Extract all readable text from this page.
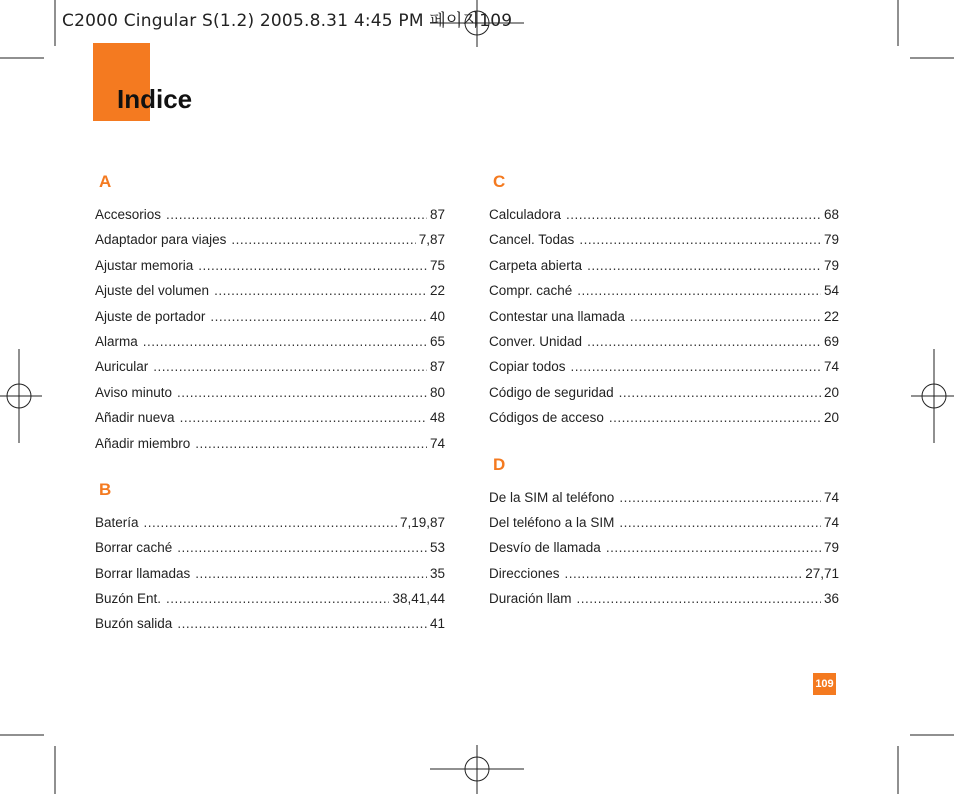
C2000 Cingular S(1.2) 2005.8.31 4:45 PM 페이지109
Indice
A
Accesorios .....	87
Adaptador para viajes .....	7,87
Ajustar memoria .....	75
Ajuste del volumen .....	22
Ajuste de portador .....	40
Alarma .....	65
Auricular .....	87
Aviso minuto .....	80
Añadir nueva .....	48
Añadir miembro .....	74
B
Batería .....	7,19,87
Borrar caché .....	53
Borrar llamadas .....	35
Buzón Ent. .....	38,41,44
Buzón salida .....	41
C
Calculadora .....	68
Cancel. Todas .....	79
Carpeta abierta .....	79
Compr. caché .....	54
Contestar una llamada .....	22
Conver. Unidad .....	69
Copiar todos .....	74
Código de seguridad .....	20
Códigos de acceso .....	20
D
De la SIM al teléfono .....	74
Del teléfono a la SIM .....	74
Desvío de llamada .....	79
Direcciones .....	27,71
Duración llam .....	36
109
